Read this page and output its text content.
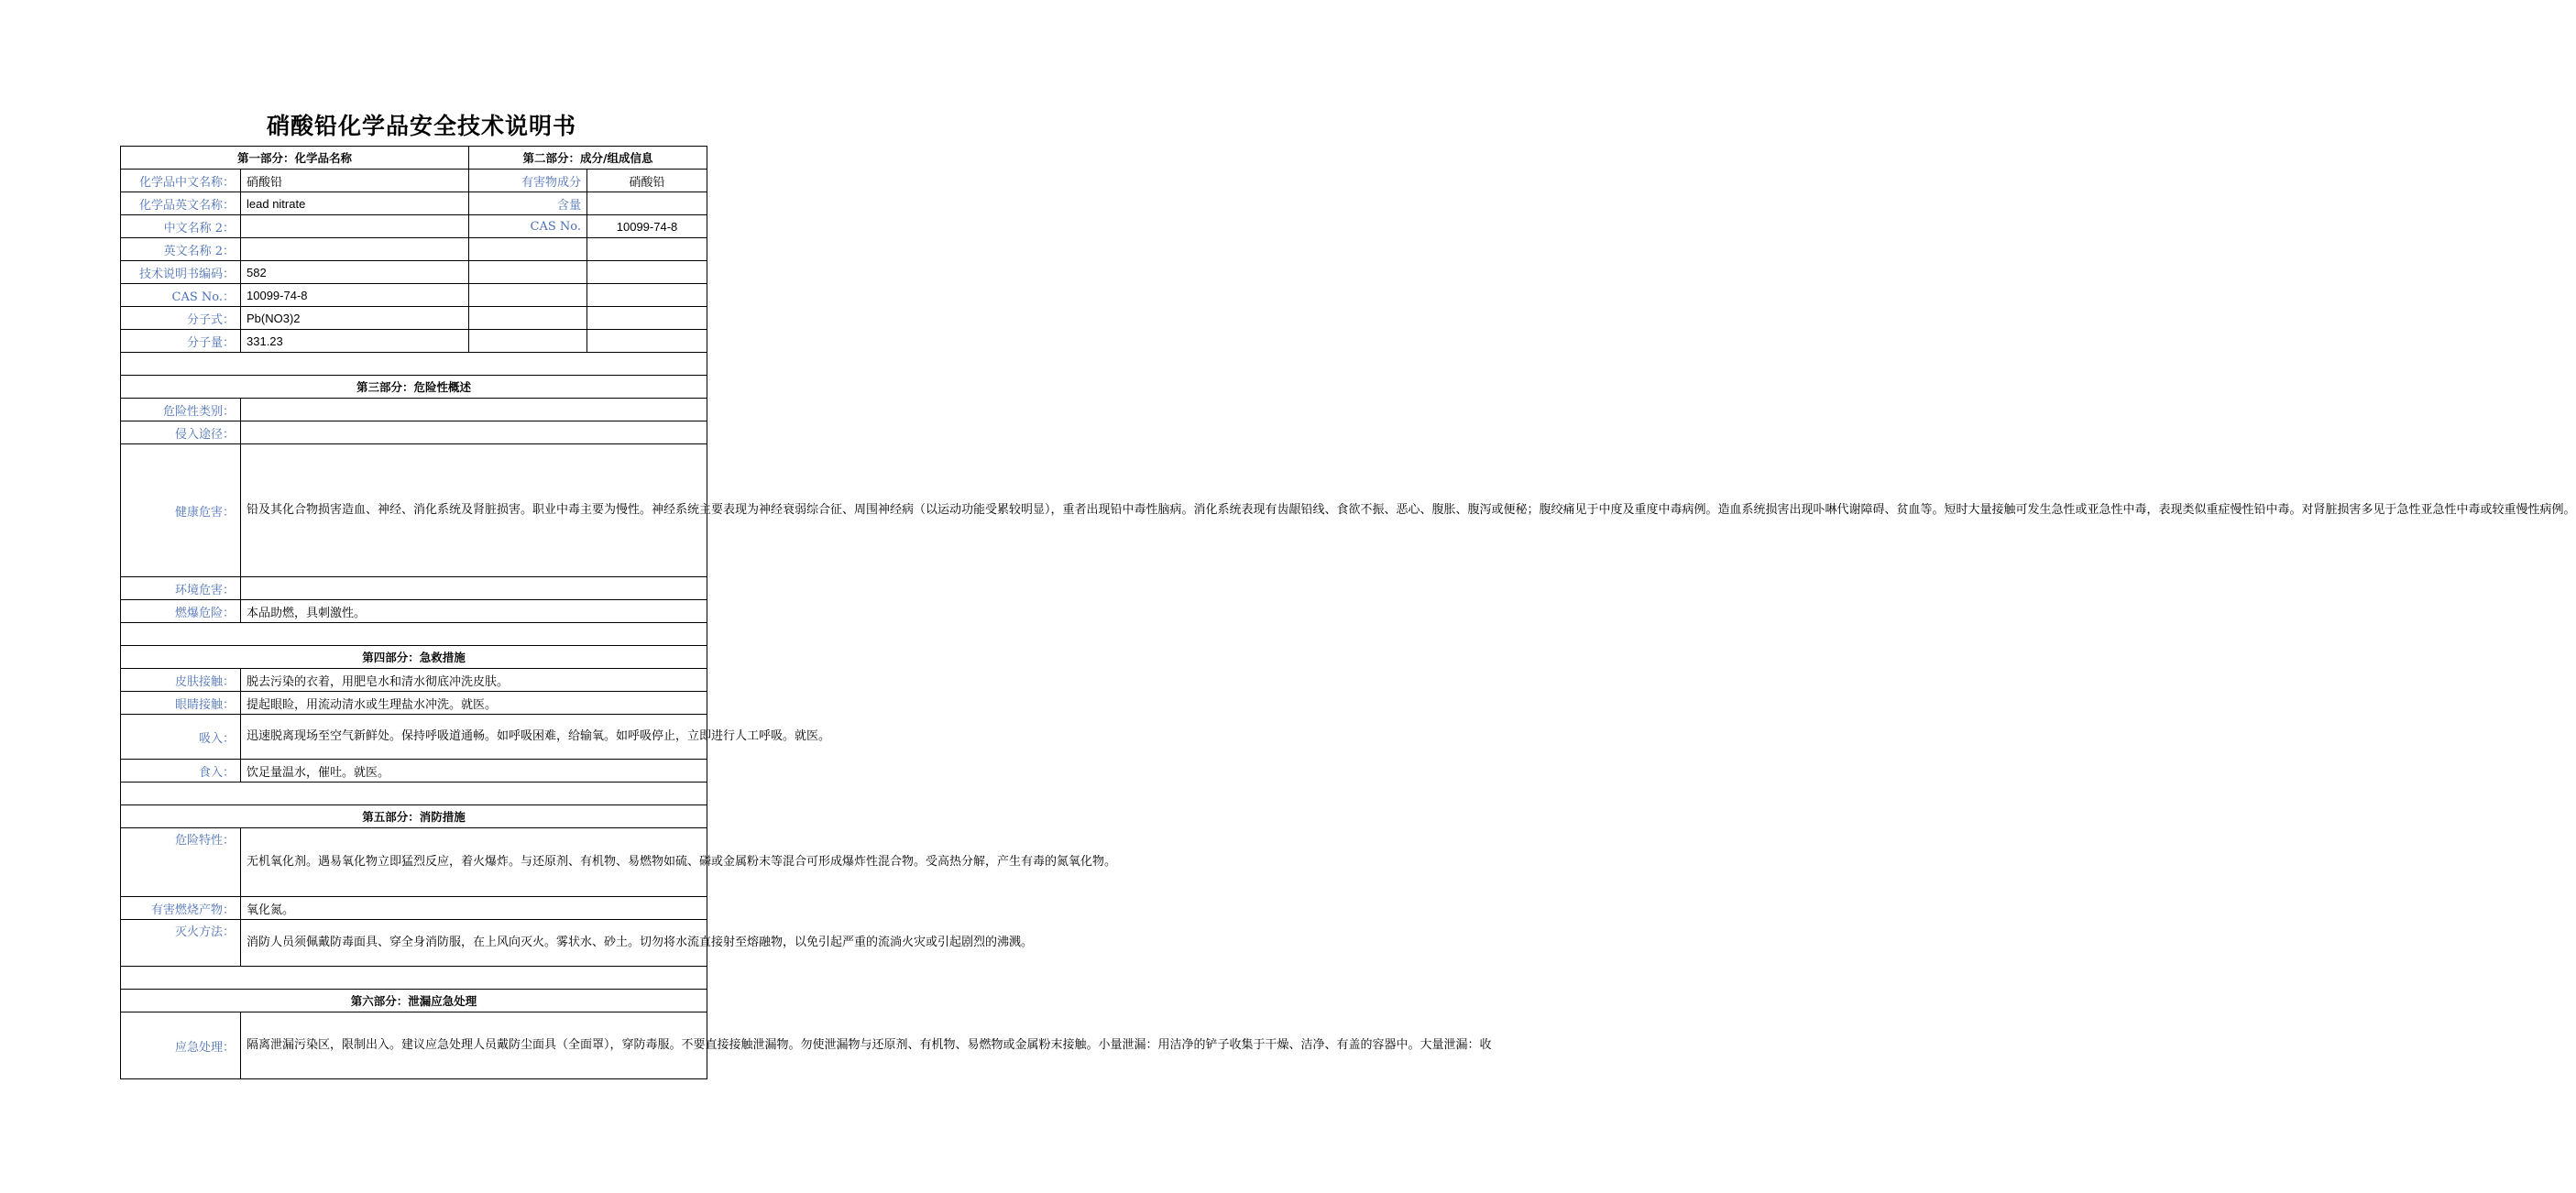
硝酸铅化学品安全技术说明书
第一部分：化学品名称		第二部分：成分/组成信息	
化学品中文名称：	硝酸铅	有害物成分	硝酸铅
化学品英文名称：	lead nitrate	含量	
中文名称 2：		CAS No.	10099-74-8
英文名称 2：			
技术说明书编码：	582		
CAS No.：	10099-74-8		
分子式：	Pb(NO3)2		
分子量：	331.23		

第三部分：危险性概述			
危险性类别：			
侵入途径：			
健康危害：	铅及其化合物损害造血、神经、消化系统及肾脏损害。职业中毒主要为慢性。神经系统主要表现为神经衰弱综合征、周围神经病（以运动功能受累较明显），重者出现铅中毒性脑病。消化系统表现有齿龈铅线、食欲不振、恶心、腹胀、腹泻或便秘；腹绞痛见于中度及重度中毒病例。造血系统损害出现卟啉代谢障碍、贫血等。短时大量接触可发生急性或亚急性中毒，表现类似重症慢性铅中毒。对肾脏损害多见于急性亚急性中毒或较重慢性病例。		
环境危害：			
燃爆危险：	本品助燃，具刺激性。		

第四部分：急救措施			
皮肤接触：	脱去污染的衣着，用肥皂水和清水彻底冲洗皮肤。		
眼睛接触：	提起眼睑，用流动清水或生理盐水冲洗。就医。		
吸入：	迅速脱离现场至空气新鲜处。保持呼吸道通畅。如呼吸困难，给输氧。如呼吸停止，立即进行人工呼吸。就医。		
食入：	饮足量温水，催吐。就医。		

第五部分：消防措施			
危险特性：	无机氧化剂。遇易氧化物立即猛烈反应，着火爆炸。与还原剂、有机物、易燃物如硫、磷或金属粉末等混合可形成爆炸性混合物。受高热分解，产生有毒的氮氧化物。		
有害燃烧产物：	氧化氮。		
灭火方法：	消防人员须佩戴防毒面具、穿全身消防服，在上风向灭火。雾状水、砂土。切勿将水流直接射至熔融物，以免引起严重的流淌火灾或引起剧烈的沸溅。		

第六部分：泄漏应急处理			
应急处理：	隔离泄漏污染区，限制出入。建议应急处理人员戴防尘面具（全面罩），穿防毒服。不要直接接触泄漏物。勿使泄漏物与还原剂、有机物、易燃物或金属粉末接触。小量泄漏：用洁净的铲子收集于干燥、洁净、有盖的容器中。大量泄漏：收		
